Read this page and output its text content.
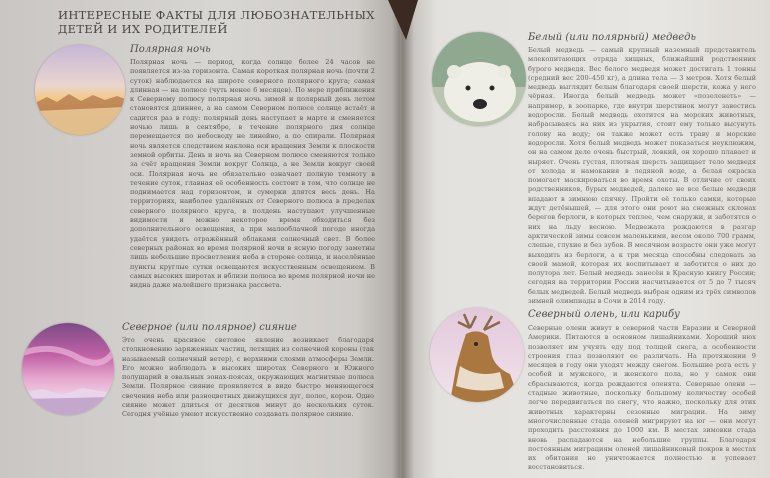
ИНТЕРЕСНЫЕ ФАКТЫ ДЛЯ ЛЮБОЗНАТЕЛЬНЫХ ДЕТЕЙ И ИХ РОДИТЕЛЕЙ
Полярная ночь

Полярная ночь — период, когда солнце более 24 часов не появляется из-за горизонта. Самая короткая полярная ночь (почти 2 суток) наблюдается на широте северного полярного круга; самая длинная — на полюсе (чуть менее 6 месяцев). По мере приближения к Северному полюсу полярная ночь зимой и полярный день летом становятся длиннее, а на самом Северном полюсе солнце встаёт и садится раз в году: полярный день наступает в марте и сменяется ночью лишь в сентябре, в течение полярного дня солнце перемещается по небосводу не линейно, а по спирали. Полярная ночь является следствием наклона оси вращения Земли к плоскости земной орбиты. День и ночь на Северном полюсе сменяются только за счёт вращения Земли вокруг Солнца, а не Земли вокруг своей оси. Полярная ночь не обязательно означает полную темноту в течение суток, главная её особенность состоит в том, что солнце не поднимается над горизонтом, и сумерки длятся весь день. На территориях, наиболее удалённых от Северного полюса в пределах северного полярного круга, в полдень наступают улучшенные видимости и можно некоторое время обходиться без дополнительного освещения, а при малооблачной погоде иногда удаётся увидеть отражённый облаками солнечный свет. В более северных районах во время полярной ночи в ясную погоду заметны лишь небольшие просветления неба в стороне солнца, и населённые пункты круглые сутки освещаются искусственным освещением. В самых высоких широтах и вблизи полюса во время полярной ночи не видна даже малейшего признака рассвета.

Северное (или полярное) сияние

Это очень красивое световое явление возникает благодаря столкновению заряженных частиц, летящих из солнечной короны (так называемый солнечный ветер), с верхними слоями атмосферы Земли. Его можно наблюдать в высоких широтах Северного и Южного полушарий в овальных зонах-поясах, окружающих магнитные полюса Земли. Полярное сияние проявляется в виде быстро меняющегося свечения неба или разноцветных движущихся дуг, полос, корон. Одно сияние может длиться от десятков минут до нескольких суток. Сегодня учёные умеют искусственно создавать полярное сияние.

Белый (или полярный) медведь

Белый медведь — самый крупный наземный представитель млекопитающих отряда хищных, ближайший родственник бурого медведя. Вес белого медведя может достигать 1 тонны (средний вес 200–450 кг), а длина тела — 3 метров. Хотя белый медведь выглядит белым благодаря своей шерсти, кожа у него чёрная. Иногда белый медведь может «позеленеть» — например, в зоопарке, где внутри шерстинок могут завестись водоросли. Белый медведь охотится на морских животных, набрасываясь на них из укрытия, стоит ему только высунуть голову на воду; он также может есть траву и морские водоросли. Хотя белый медведь может показаться неуклюжим, он на самом деле очень быстрый, ловкий, он хорошо плавает и ныряет. Очень густая, плотная шерсть защищает тело медведя от холода и намокания в ледяной воде, а белая окраска помогает маскироваться во время охоты. В отличие от своих родственников, бурых медведей, далеко не все белые медведи впадают в зимнюю спячку. Пройти её только самки, которые ждут детёнышей, — для этого они роют на снежных склонах берегов берлоги, в которых теплее, чем снаружи, и заботятся о них на льду весною. Медвежата рождаются в разгар арктической зимы совсем маленькими, весом около 700 грамм, слепые, глухие и без зубов. В месячном возрасте они уже могут выходить из берлоги, а к три месяца способны следовать за своей мамой, которая их воспитывает и заботится о них до полутора лет. Белый медведь занесён в Красную книгу России; сегодня на территории России насчитывается от 5 до 7 тысяч белых медведей. Белый медведь выбран одним из трёх символов зимней олимпиады в Сочи в 2014 году.

Северный олень, или карибу

Северные олени живут в северной части Евразии и Северной Америки. Питаются в основном лишайниками. Хороший нюх позволяет им учуять еду под толщей снега, а особенности строения глаз позволяют ее различать. На протяжении 9 месяцев в году они уходят между снегом. Большие рога есть у особей и мужского, и женского пола, но у самок они сбрасываются, когда рождаются оленята. Северные олени — стадные животные, поскольку большому количеству особей легче передвигаться по снегу, что важно, поскольку для этих животных характерны сезонные миграции. На зиму многочисленные стада оленей мигрируют на юг — они могут проходить расстояния до 1000 км. В местах зимовки стада вновь распадаются на небольшие группы. Благодаря постоянным миграциям оленей лишайниковый покров в местах их обитания не уничтожается полностью и успевает восстановиться.
